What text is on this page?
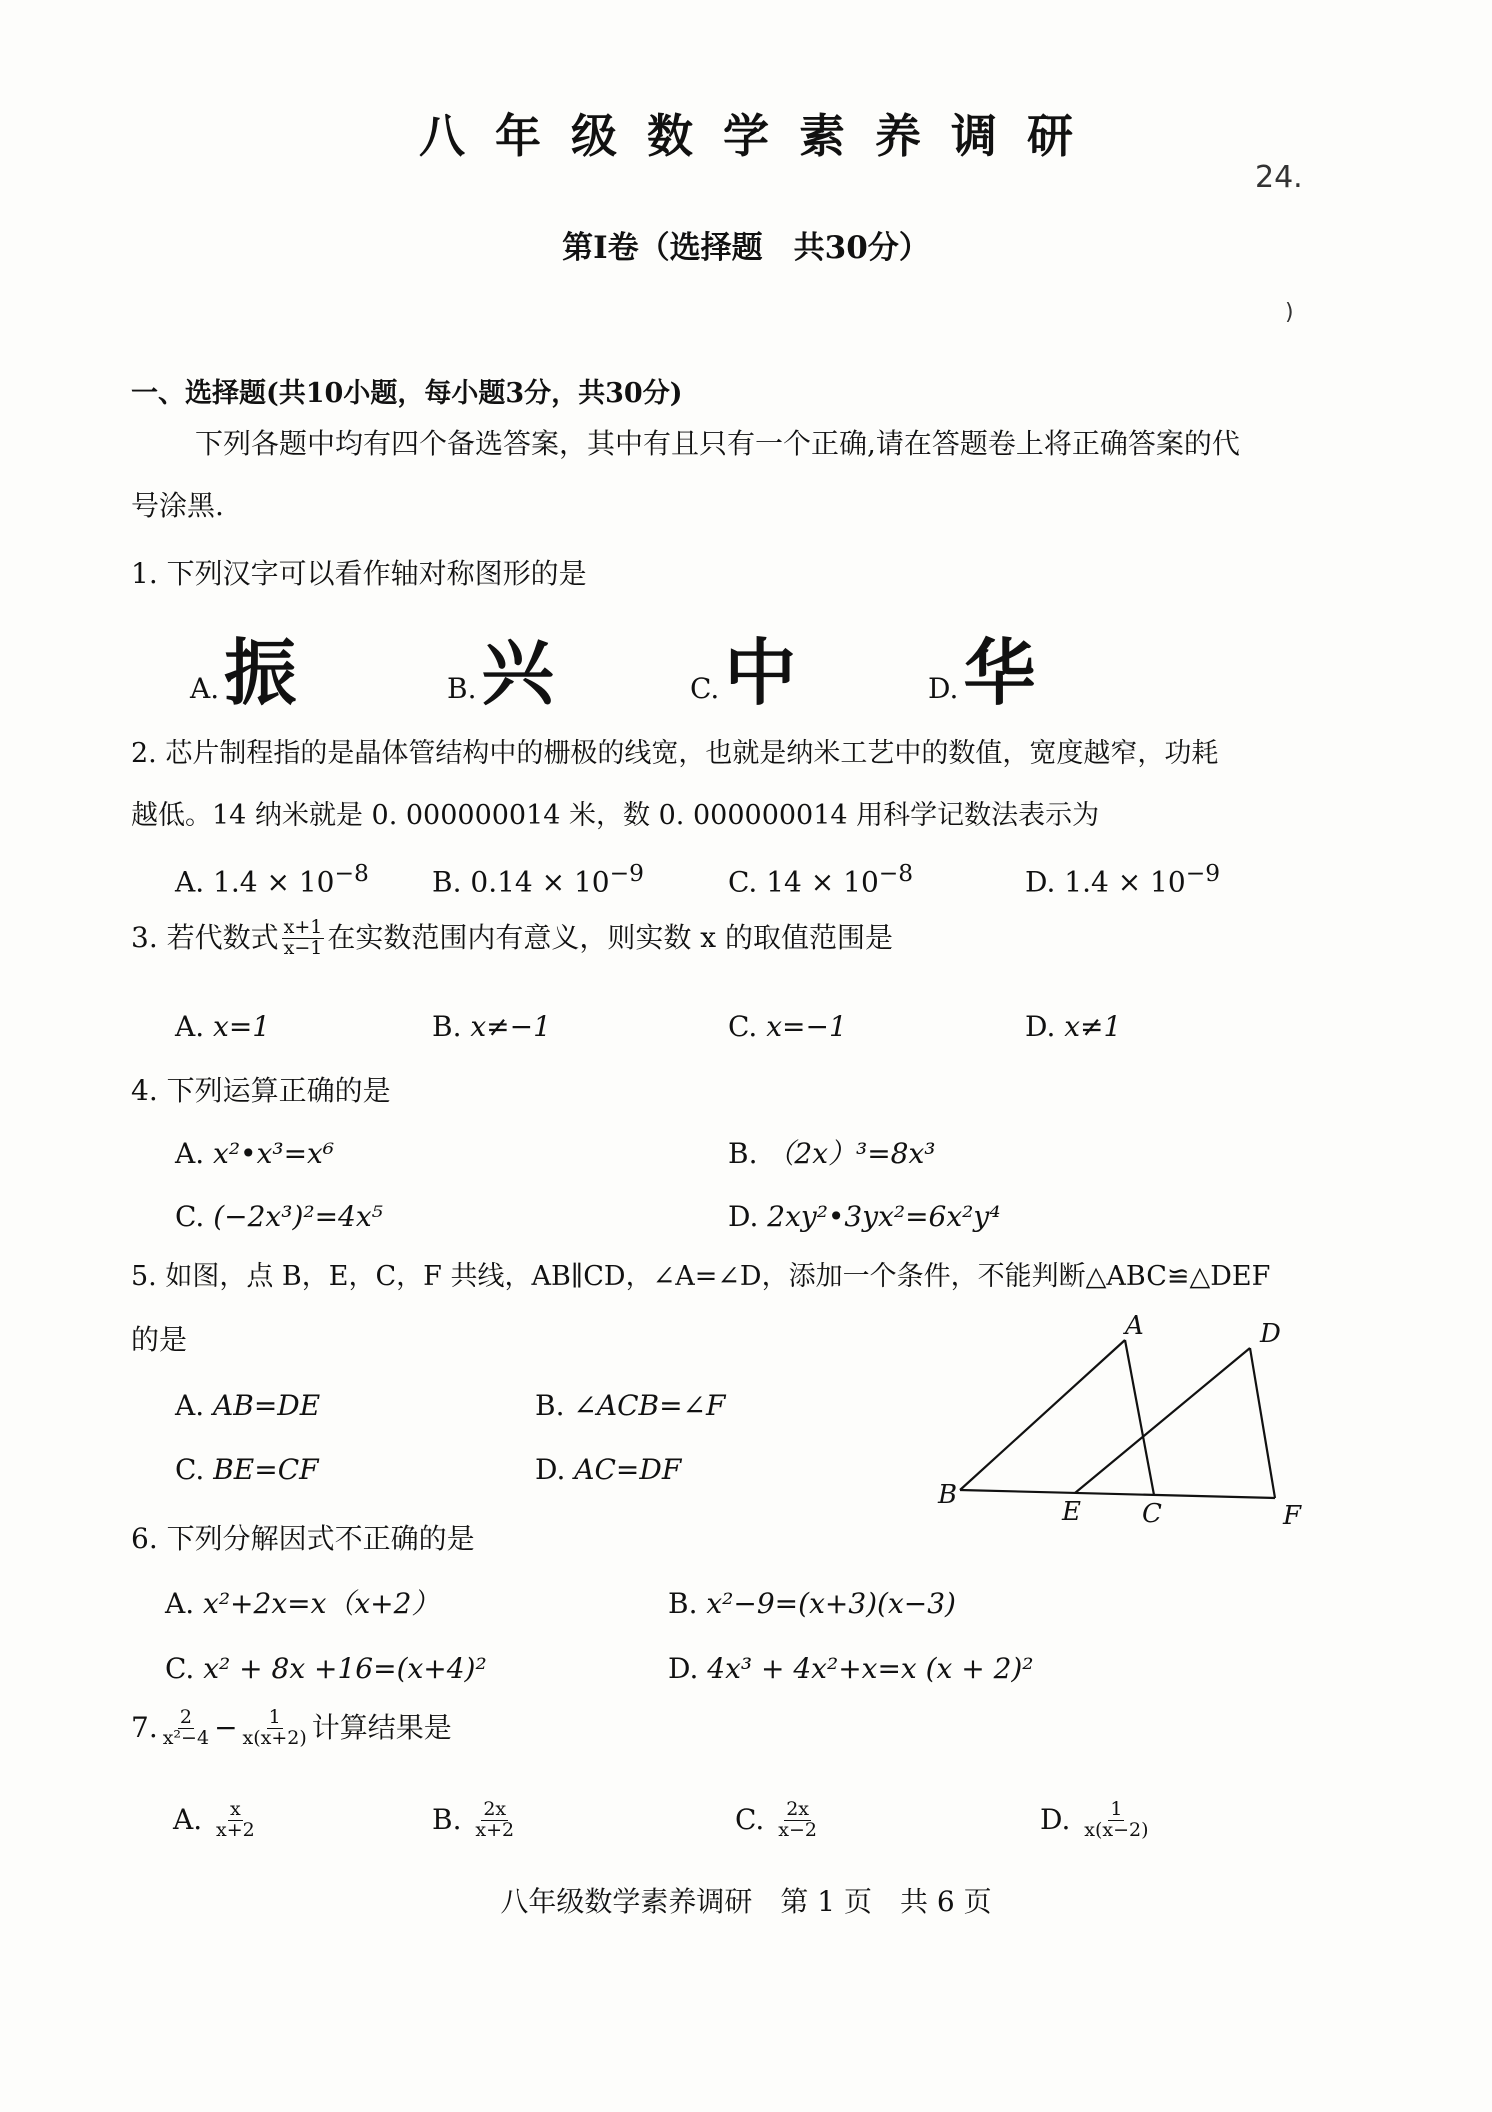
八年级数学素养调研
24.
第Ⅰ卷（选择题　共30分）
)
一、选择题(共10小题，每小题3分，共30分)
下列各题中均有四个备选答案，其中有且只有一个正确,请在答题卷上将正确答案的代
号涂黑.
1. 下列汉字可以看作轴对称图形的是
A. 振	B. 兴	C. 中	D. 华
2. 芯片制程指的是晶体管结构中的栅极的线宽，也就是纳米工艺中的数值，宽度越窄，功耗
越低。14 纳米就是 0. 000000014 米，数 0. 000000014 用科学记数法表示为
A. $1.4 \times 10^{-8}$ B. $0.14 \times 10^{-9}$	C. $14 \times 10^{-8}$	D. $1.4 \times 10^{-9}$
3. 若代数式 $\frac{x+1}{x-1}$ 在实数范围内有意义，则实数 x 的取值范围是
A. x=1	B. x≠−1	C. x=−1	D. x≠1
4. 下列运算正确的是
A. x²•x³=x⁶	B. （2x）³=8x³
C. (−2x³)²=4x⁵	D. 2xy²•3yx²=6x²y⁴
5. 如图，点 B，E，C，F 共线，AB∥CD，∠A=∠D，添加一个条件，不能判断△ABC≌△DEF
的是
A. AB=DE	B. ∠ACB=∠F
C. BE=CF	D. AC=DF
A
B
C
D
E	F
6. 下列分解因式不正确的是
A. x²+2x=x（x+2）	B. x²−9=(x+3)(x−3)
C. x² + 8x +16=(x+4)²	D. 4x³ + 4x²+x=x (x + 2)²
7. $\frac{2}{\text{x²−4}} - \frac{1}{x(x+2)}$ 计算结果是
A.
$\frac{x}{x+2}$	B.
$\frac{2x}{x+2}$	C.
$\frac{2x}{x-2}$	D.
$\frac{1}{x(x-2)}$
八年级数学素养调研　第 1 页　共 6 页
